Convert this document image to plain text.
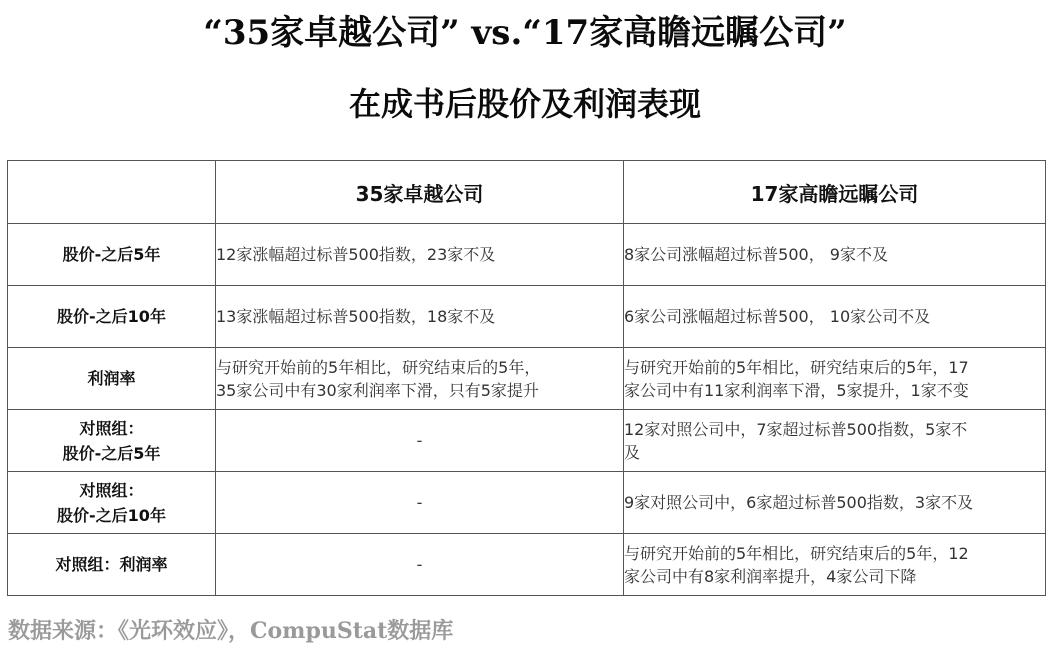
“35家卓越公司” vs.“17家高瞻远瞩公司”
在成书后股价及利润表现
	35家卓越公司	17家高瞻远瞩公司

股价-之后5年	12家涨幅超过标普500指数，23家不及	8家公司涨幅超过标普500， 9家不及

股价-之后10年	13家涨幅超过标普500指数，18家不及	6家公司涨幅超过标普500， 10家公司不及

利润率	与研究开始前的5年相比，研究结束后的5年，
35家公司中有30家利润率下滑，只有5家提升	与研究开始前的5年相比，研究结束后的5年，17
家公司中有11家利润率下滑，5家提升，1家不变

对照组：
股价-之后5年	-	12家对照公司中，7家超过标普500指数，5家不
及

对照组：
股价-之后10年	-	9家对照公司中，6家超过标普500指数，3家不及

对照组：利润率	-	与研究开始前的5年相比，研究结束后的5年，12
家公司中有8家利润率提升，4家公司下降
数据来源：《光环效应》，CompuStat数据库
